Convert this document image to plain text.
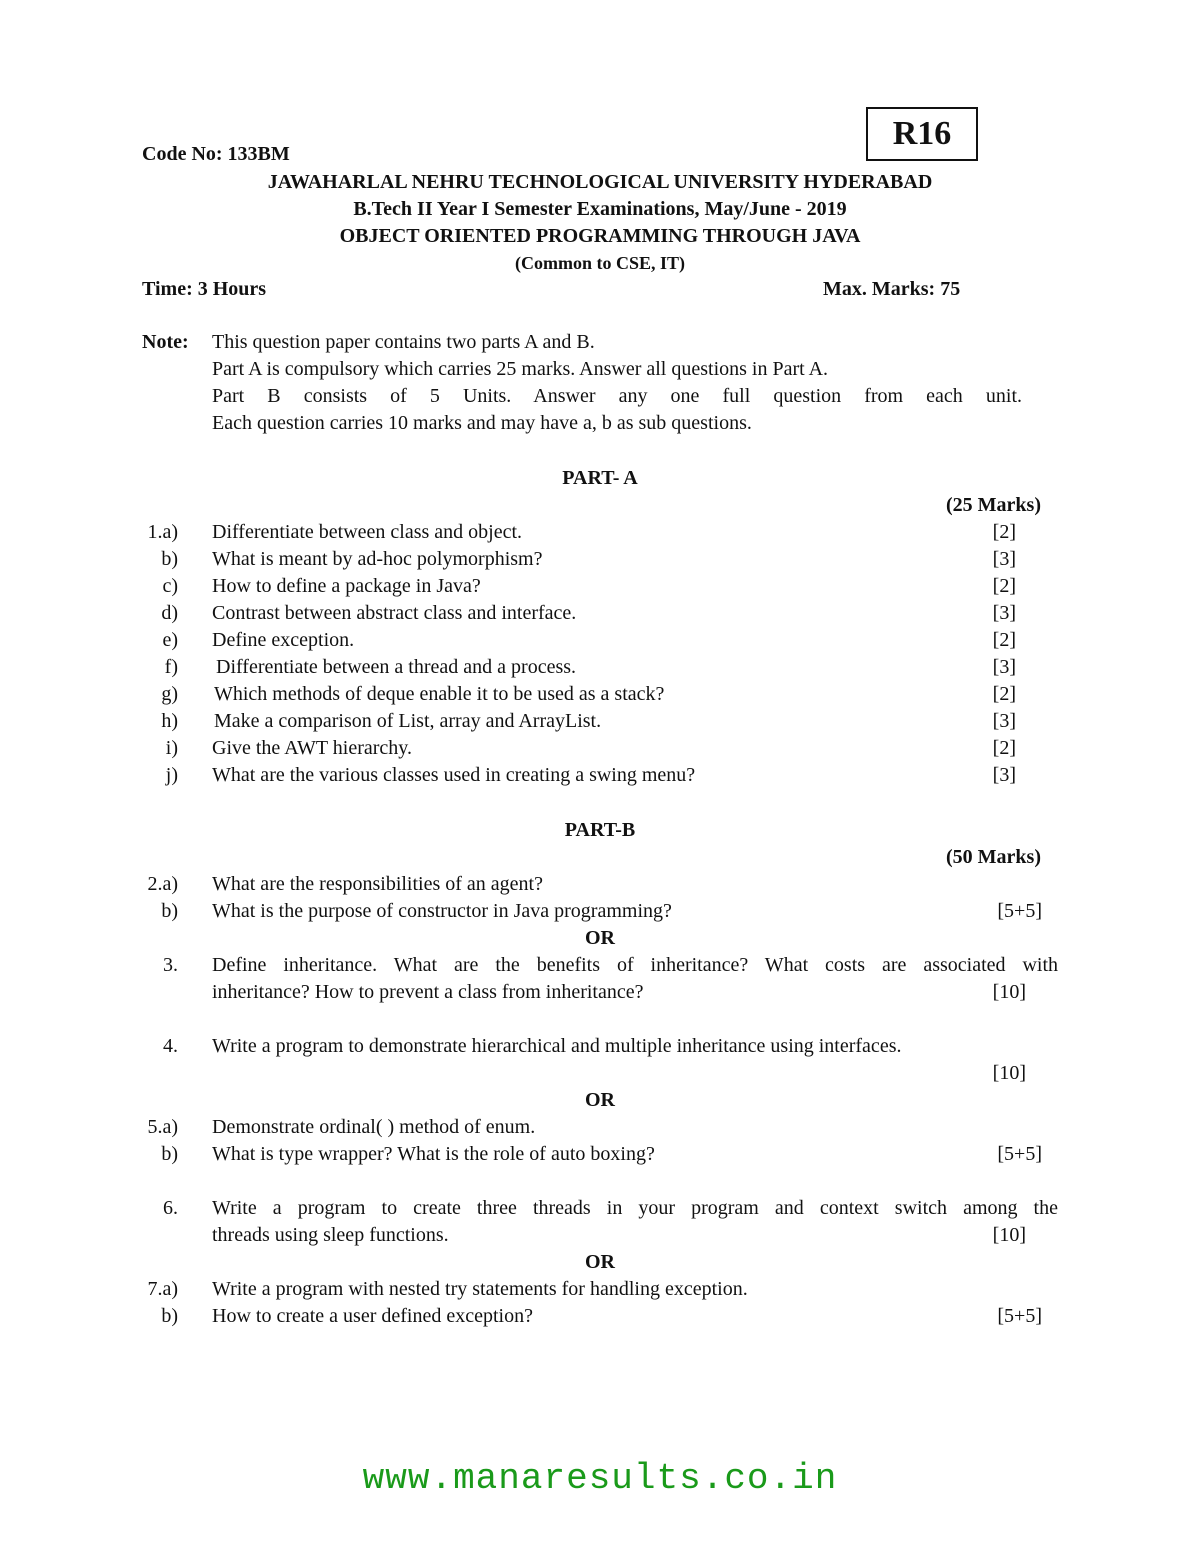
R16
Code No: 133BM
JAWAHARLAL NEHRU TECHNOLOGICAL UNIVERSITY HYDERABAD
B.Tech II Year I Semester Examinations, May/June - 2019
OBJECT ORIENTED PROGRAMMING THROUGH JAVA
(Common to CSE, IT)
Time: 3 Hours	Max. Marks: 75
Note: This question paper contains two parts A and B.
Part A is compulsory which carries 25 marks. Answer all questions in Part A.
Part B consists of 5 Units. Answer any one full question from each unit.
Each question carries 10 marks and may have a, b as sub questions.
PART- A
(25 Marks)
1.a) Differentiate between class and object.	[2]
b) What is meant by ad-hoc polymorphism?	[3]
c) How to define a package in Java?	[2]
d) Contrast between abstract class and interface.	[3]
e) Define exception.	[2]
f) Differentiate between a thread and a process.	[3]
g) Which methods of deque enable it to be used as a stack?	[2]
h) Make a comparison of List, array and ArrayList.	[3]
i) Give the AWT hierarchy.	[2]
j) What are the various classes used in creating a swing menu?	[3]
PART-B
(50 Marks)
2.a) What are the responsibilities of an agent?
b) What is the purpose of constructor in Java programming?	[5+5]
OR
3. Define inheritance. What are the benefits of inheritance? What costs are associated with
inheritance? How to prevent a class from inheritance?	[10]
4. Write a program to demonstrate hierarchical and multiple inheritance using interfaces.
[10]
OR
5.a) Demonstrate ordinal( ) method of enum.
b) What is type wrapper? What is the role of auto boxing?	[5+5]
6. Write a program to create three threads in your program and context switch among the
threads using sleep functions.	[10]
OR
7.a) Write a program with nested try statements for handling exception.
b) How to create a user defined exception?	[5+5]
www.manaresults.co.in
